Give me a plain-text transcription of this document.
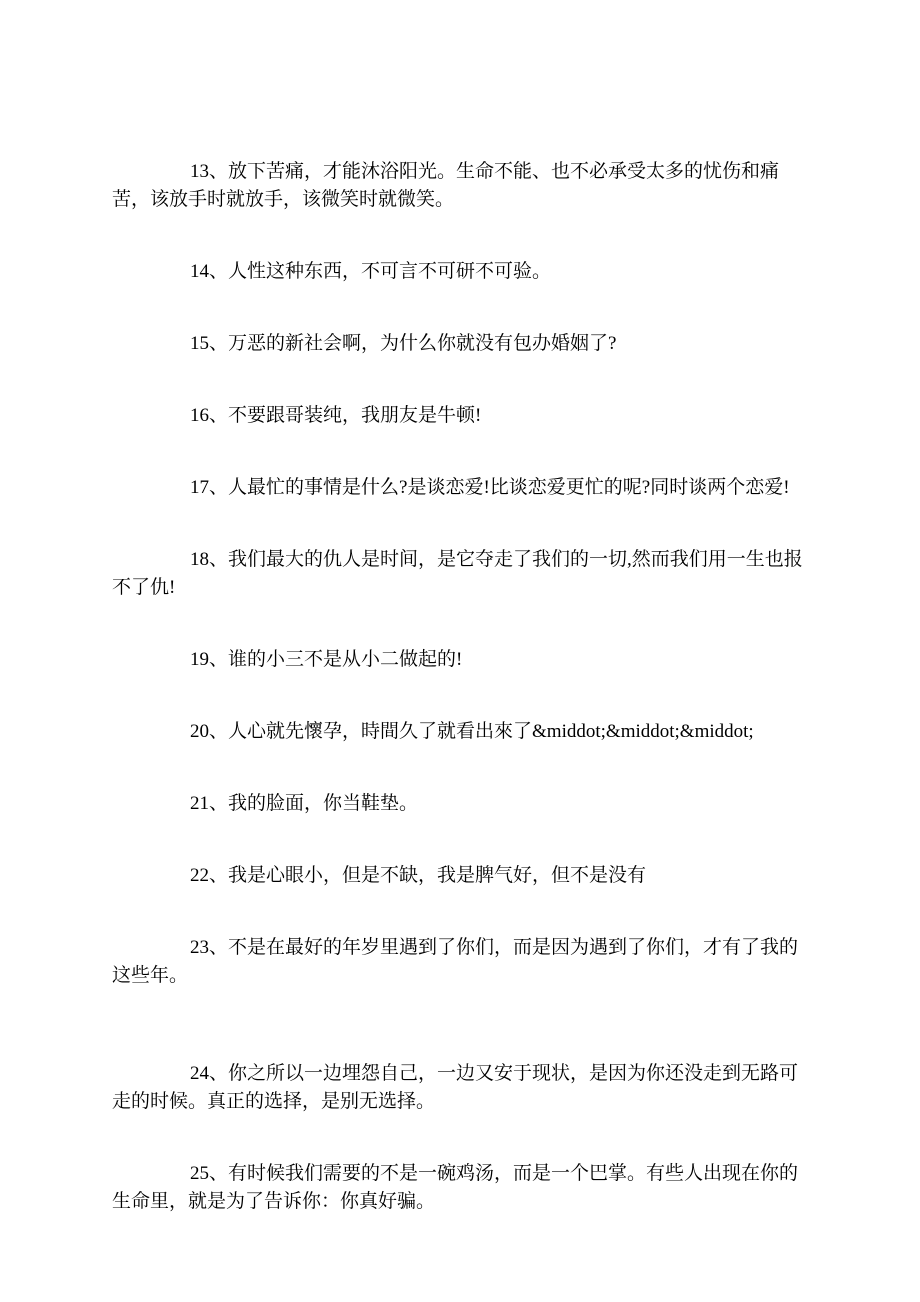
13、放下苦痛，才能沐浴阳光。生命不能、也不必承受太多的忧伤和痛苦，该放手时就放手，该微笑时就微笑。

14、人性这种东西，不可言不可研不可验。

15、万恶的新社会啊，为什么你就没有包办婚姻了?

16、不要跟哥装纯，我朋友是牛顿!

17、人最忙的事情是什么?是谈恋爱!比谈恋爱更忙的呢?同时谈两个恋爱!

18、我们最大的仇人是时间，是它夺走了我们的一切,然而我们用一生也报不了仇!

19、谁的小三不是从小二做起的!

20、人心就先懷孕，時間久了就看出來了&middot;&middot;&middot;

21、我的脸面，你当鞋垫。

22、我是心眼小，但是不缺，我是脾气好，但不是没有

23、不是在最好的年岁里遇到了你们，而是因为遇到了你们，才有了我的这些年。

24、你之所以一边埋怨自己，一边又安于现状，是因为你还没走到无路可走的时候。真正的选择，是别无选择。

25、有时候我们需要的不是一碗鸡汤，而是一个巴掌。有些人出现在你的生命里，就是为了告诉你：你真好骗。
